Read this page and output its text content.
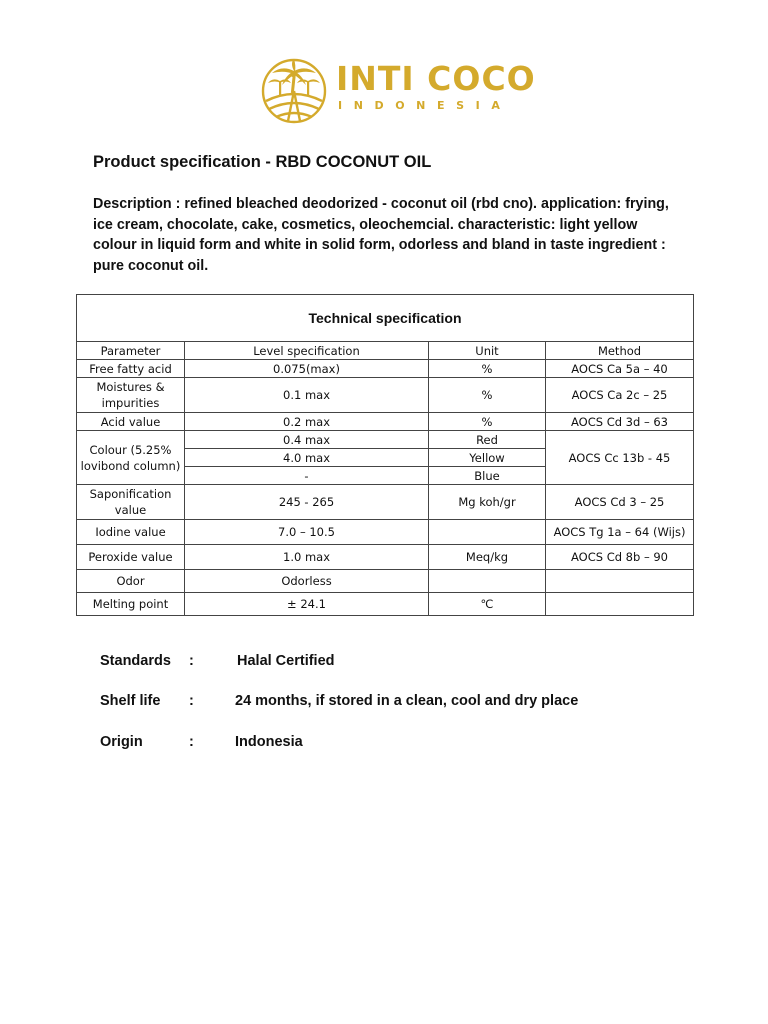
INTI COCO
INDONESIA
Product specification - RBD COCONUT OIL

Description : refined bleached deodorized - coconut oil (rbd cno). application: frying, ice cream, chocolate, cake, cosmetics, oleochemcial. characteristic: light yellow colour in liquid form and white in solid form, odorless and bland in taste ingredient : pure coconut oil.

Technical specification			
Parameter	Level specification	Unit	Method
Free fatty acid	0.075(max)	%	AOCS Ca 5a – 40
Moistures & impurities	0.1 max	%	AOCS Ca 2c – 25
Acid value	0.2 max	%	AOCS Cd 3d – 63
Colour (5.25% lovibond column)	0.4 max	Red	AOCS Cc 13b - 45
	4.0 max	Yellow	
	-	Blue	
Saponification value	245 - 265	Mg koh/gr	AOCS Cd 3 – 25
Iodine value	7.0 – 10.5		AOCS Tg 1a – 64 (Wijs)
Peroxide value	1.0 max	Meq/kg	AOCS Cd 8b – 90
Odor	Odorless		
Melting point	± 24.1	℃	
Standards :	Halal Certified
Shelf life :	24 months, if stored in a clean, cool and dry place
Origin	:	Indonesia
